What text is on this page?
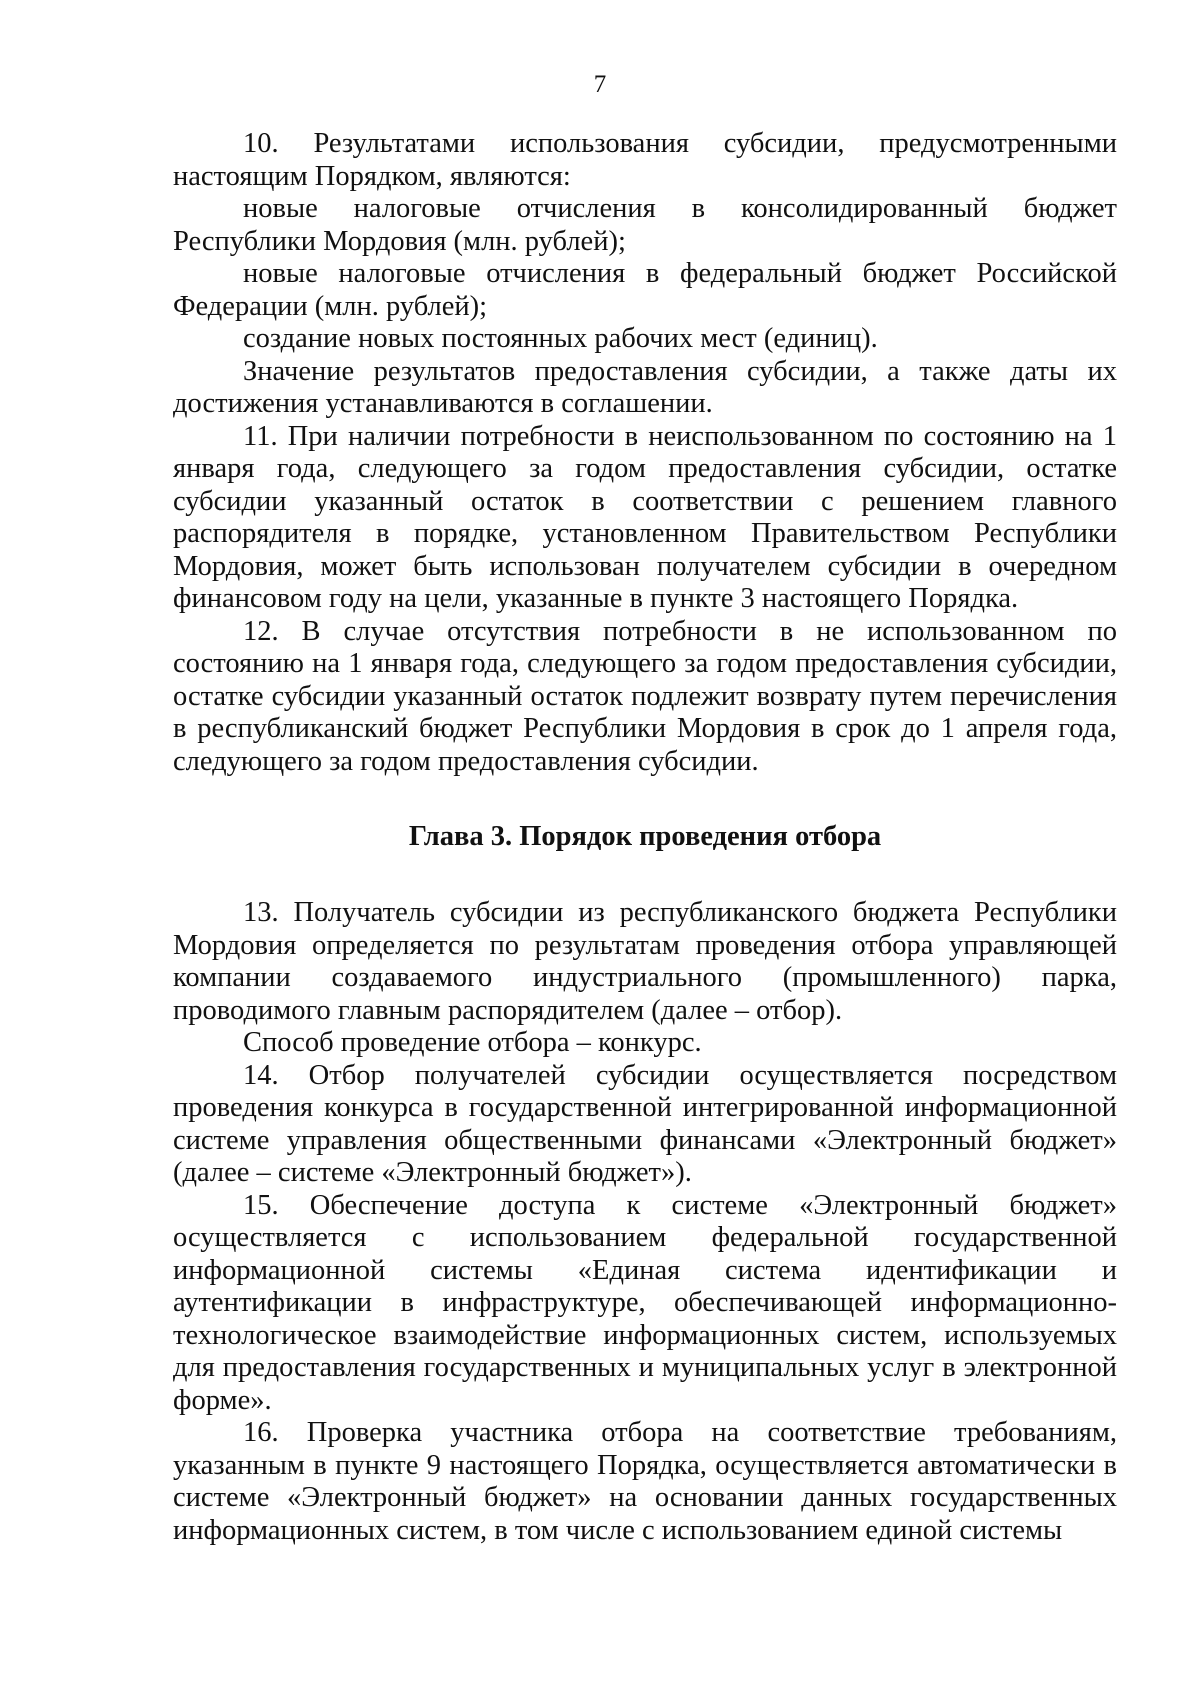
7

10. Результатами использования субсидии, предусмотренными настоящим Порядком, являются:

новые налоговые отчисления в консолидированный бюджет Республики Мордовия (млн. рублей);

новые налоговые отчисления в федеральный бюджет Российской Федерации (млн. рублей);

создание новых постоянных рабочих мест (единиц).

Значение результатов предоставления субсидии, а также даты их достижения устанавливаются в соглашении.

11. При наличии потребности в неиспользованном по состоянию на 1 января года, следующего за годом предоставления субсидии, остатке субсидии указанный остаток в соответствии с решением главного распорядителя в порядке, установленном Правительством Республики Мордовия, может быть использован получателем субсидии в очередном финансовом году на цели, указанные в пункте 3 настоящего Порядка.

12. В случае отсутствия потребности в не использованном по состоянию на 1 января года, следующего за годом предоставления субсидии, остатке субсидии указанный остаток подлежит возврату путем перечисления в республиканский бюджет Республики Мордовия в срок до 1 апреля года, следующего за годом предоставления субсидии.

Глава 3. Порядок проведения отбора

13. Получатель субсидии из республиканского бюджета Республики Мордовия определяется по результатам проведения отбора управляющей компании создаваемого индустриального (промышленного) парка, проводимого главным распорядителем (далее – отбор).

Способ проведение отбора – конкурс.

14. Отбор получателей субсидии осуществляется посредством проведения конкурса в государственной интегрированной информационной системе управления общественными финансами «Электронный бюджет» (далее – системе «Электронный бюджет»).

15. Обеспечение доступа к системе «Электронный бюджет» осуществляется с использованием федеральной государственной информационной системы «Единая система идентификации и аутентификации в инфраструктуре, обеспечивающей информационно-технологическое взаимодействие информационных систем, используемых для предоставления государственных и муниципальных услуг в электронной форме».

16. Проверка участника отбора на соответствие требованиям, указанным в пункте 9 настоящего Порядка, осуществляется автоматически в системе «Электронный бюджет» на основании данных государственных информационных систем, в том числе с использованием единой системы
